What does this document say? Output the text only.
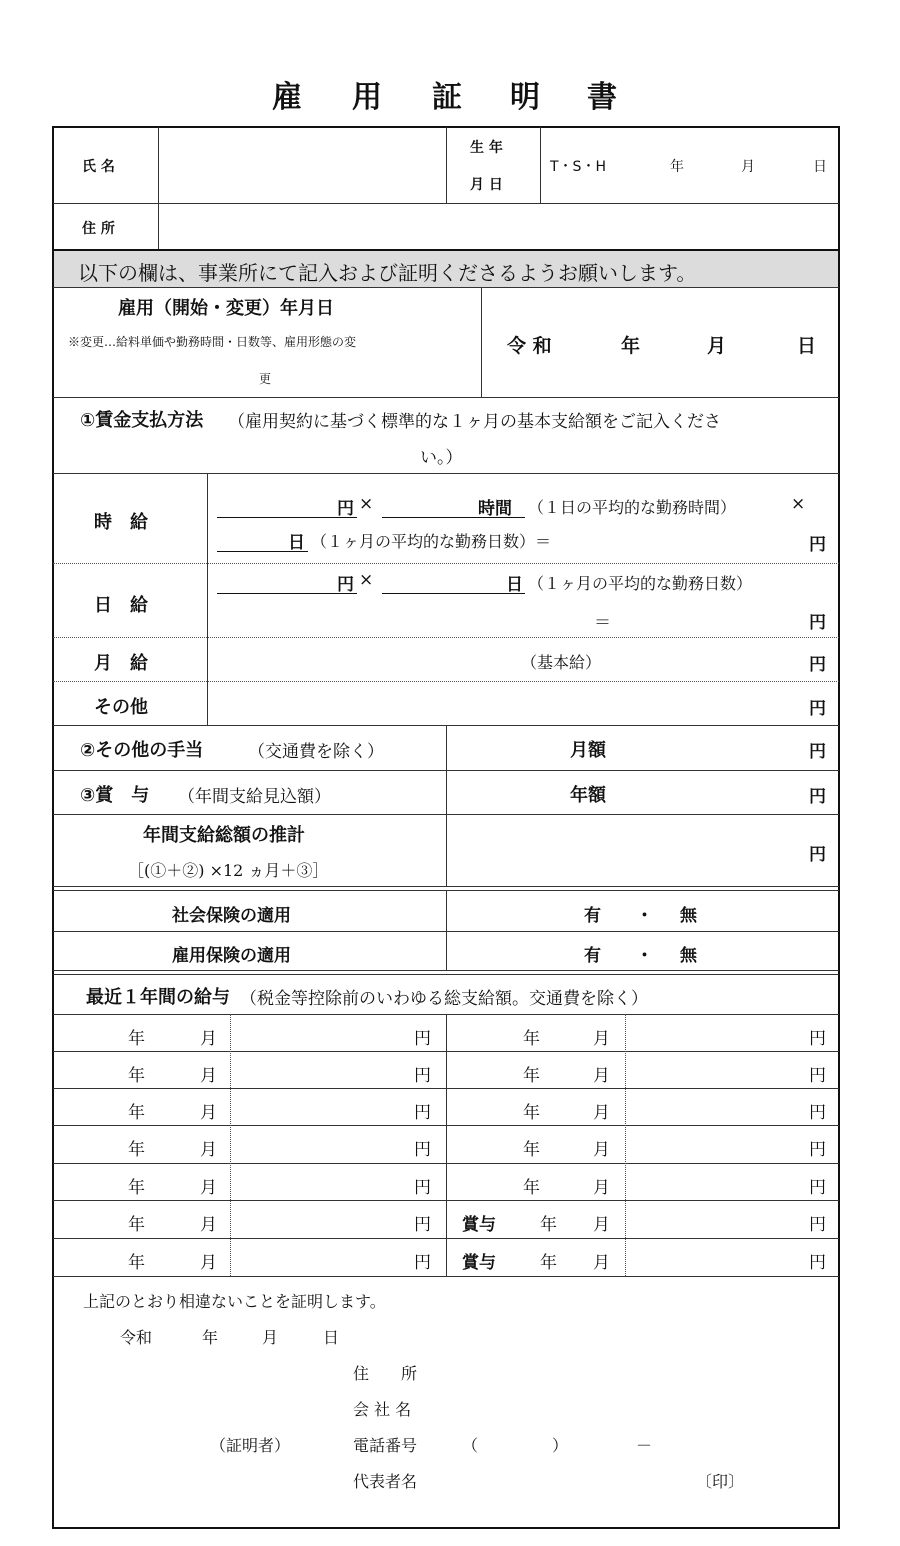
雇 用 証 明 書
氏 名
生 年
月 日
T・S・H	年	月	日
住 所
以下の欄は、事業所にて記入および証明くださるようお願いします。
雇用（開始・変更）年月日
※変更…給料単価や勤務時間・日数等、雇用形態の変
更
令 和	年	月	日
①賃金支払方法 （雇用契約に基づく標準的な１ヶ月の基本支給額をご記入くださ
い。）
時　給
円 ×	時間 （１日の平均的な勤務時間）	×
日 （１ヶ月の平均的な勤務日数）＝	円
日　給
円 ×	日 （１ヶ月の平均的な勤務日数）
＝	円
月　給	（基本給）	円
その他	円
②その他の手当	（交通費を除く）	月額	円
③賞　与 （年間支給見込額）	年額	円
年間支給総額の推計
［(①＋②) ×12 ヵ月＋③］
円
社会保険の適用	有 ・ 無
雇用保険の適用	有 ・ 無
最近１年間の給与 （税金等控除前のいわゆる総支給額。交通費を除く）
年	月	円	年	月	円
年	月	円	年	月	円
年	月	円	年	月	円
年	月	円	年	月	円
年	月	円	年	月	円
年	月	円 賞与	年 月	円
年	月	円 賞与	年 月	円
上記のとおり相違ないことを証明します。
令和	年	月	日
住　　所
会 社 名
（証明者）	電話番号	（	）	－
代表者名	〔印〕
